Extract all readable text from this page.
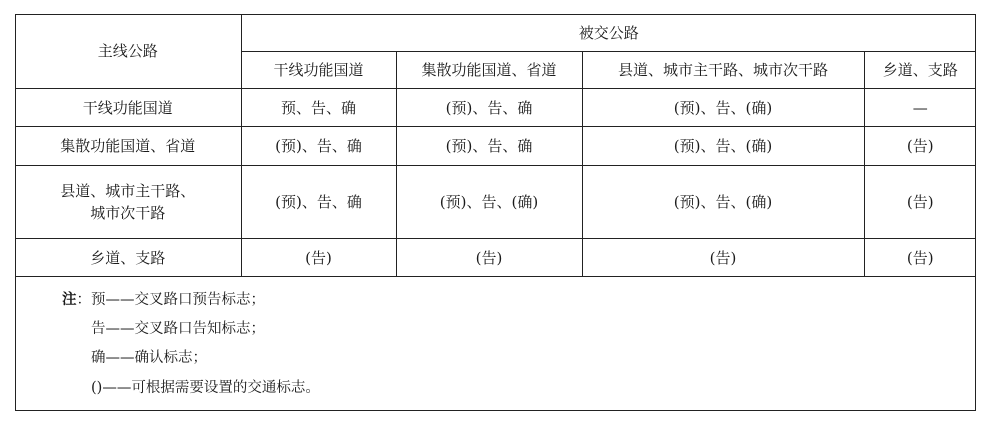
主线公路	被交公路			
	干线功能国道	集散功能国道、省道	县道、城市主干路、城市次干路	乡道、支路
干线功能国道	预、告、确	(预)、告、确	(预)、告、(确)	—
集散功能国道、省道	(预)、告、确	(预)、告、确	(预)、告、(确)	(告)

县道、城市主干路、
城市次干路	(预)、告、确	(预)、告、(确)	(预)、告、(确)	(告)
乡道、支路	(告)	(告)	(告)	(告)
注：预——交叉路口预告标志；
告——交叉路口告知标志；
确——确认标志；
()——可根据需要设置的交通标志。
